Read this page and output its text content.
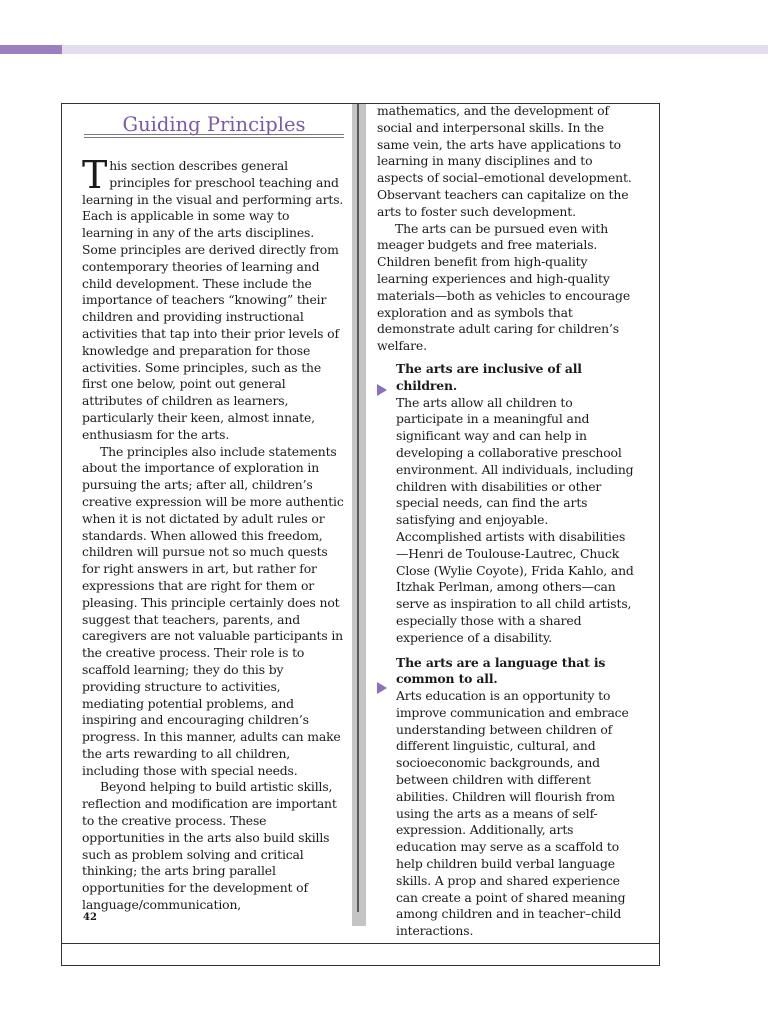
Guiding Principles

This section describes general principles for preschool teaching and learning in the visual and performing arts. Each is applicable in some way to learning in any of the arts disciplines. Some principles are derived directly from contemporary theories of learning and child development. These include the importance of teachers “knowing” their children and providing instructional activities that tap into their prior levels of knowledge and preparation for those activities. Some principles, such as the first one below, point out general attributes of children as learners, particularly their keen, almost innate, enthusiasm for the arts.

The principles also include statements about the importance of exploration in pursuing the arts; after all, children’s creative expression will be more authentic when it is not dictated by adult rules or standards. When allowed this freedom, children will pursue not so much quests for right answers in art, but rather for expressions that are right for them or pleasing. This principle certainly does not suggest that teachers, parents, and caregivers are not valuable participants in the creative process. Their role is to scaffold learning; they do this by providing structure to activities, mediating potential problems, and inspiring and encouraging children’s progress. In this manner, adults can make the arts rewarding to all children, including those with special needs.

Beyond helping to build artistic skills, reflection and modification are important to the creative process. These opportunities in the arts also build skills such as problem solving and critical thinking; the arts bring parallel opportunities for the development of language/communication,

mathematics, and the development of social and interpersonal skills. In the same vein, the arts have applications to learning in many disciplines and to aspects of social–emotional development. Observant teachers can capitalize on the arts to foster such development.

The arts can be pursued even with meager budgets and free materials. Children benefit from high-quality learning experiences and high-quality materials—both as vehicles to encourage exploration and as symbols that demonstrate adult caring for children’s welfare.

The arts are inclusive of all children.

The arts allow all children to participate in a meaningful and significant way and can help in developing a collaborative preschool environment. All individuals, including children with disabilities or other special needs, can find the arts satisfying and enjoyable. Accomplished artists with disabilities—Henri de Toulouse-Lautrec, Chuck Close (Wylie Coyote), Frida Kahlo, and Itzhak Perlman, among others—can serve as inspiration to all child artists, especially those with a shared experience of a disability.

The arts are a language that is common to all.

Arts education is an opportunity to improve communication and embrace understanding between children of different linguistic, cultural, and socioeconomic backgrounds, and between children with different abilities. Children will flourish from using the arts as a means of self-expression. Additionally, arts education may serve as a scaffold to help children build verbal language skills. A prop and shared experience can create a point of shared meaning among children and in teacher–child interactions.

42
